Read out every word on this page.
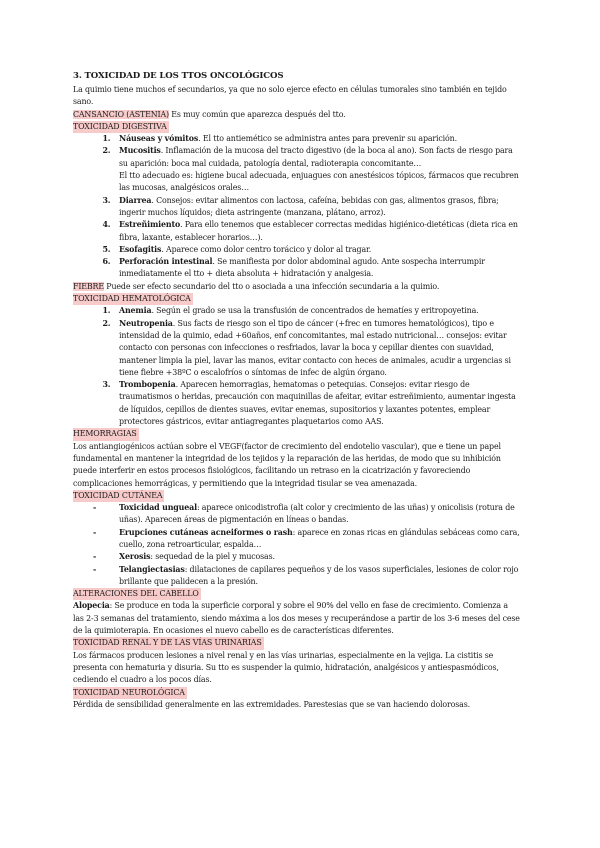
3. TOXICIDAD DE LOS TTOS ONCOLÓGICOS

La quimio tiene muchos ef secundarios, ya que no solo ejerce efecto en células tumorales sino también en tejido sano.

CANSANCIO (ASTENIA) Es muy común que aparezca después del tto.

TOXICIDAD DIGESTIVA

1. Náuseas y vómitos. El tto antiemético se administra antes para prevenir su aparición.
2. Mucositis. Inflamación de la mucosa del tracto digestivo (de la boca al ano). Son facts de riesgo para su aparición: boca mal cuidada, patología dental, radioterapia concomitante…
El tto adecuado es: higiene bucal adecuada, enjuagues con anestésicos tópicos, fármacos que recubren las mucosas, analgésicos orales…
3. Diarrea. Consejos: evitar alimentos con lactosa, cafeína, bebidas con gas, alimentos grasos, fibra; ingerir muchos líquidos; dieta astringente (manzana, plátano, arroz).
4. Estreñimiento. Para ello tenemos que establecer correctas medidas higiénico-dietéticas (dieta rica en fibra, laxante, establecer horarios…).
5. Esofagitis. Aparece como dolor centro torácico y dolor al tragar.
6. Perforación intestinal. Se manifiesta por dolor abdominal agudo. Ante sospecha interrumpir inmediatamente el tto + dieta absoluta + hidratación y analgesia.

FIEBRE Puede ser efecto secundario del tto o asociada a una infección secundaria a la quimio.

TOXICIDAD HEMATOLÓGICA

1. Anemia. Según el grado se usa la transfusión de concentrados de hematíes y eritropoyetina.
2. Neutropenia. Sus facts de riesgo son el tipo de cáncer (+frec en tumores hematológicos), tipo e intensidad de la quimio, edad +60años, enf concomitantes, mal estado nutricional… consejos: evitar contacto con personas con infecciones o resfriados, lavar la boca y cepillar dientes con suavidad, mantener limpia la piel, lavar las manos, evitar contacto con heces de animales, acudir a urgencias si tiene fiebre +38ºC o escalofríos o síntomas de infec de algún órgano.
3. Trombopenia. Aparecen hemorragias, hematomas o petequias. Consejos: evitar riesgo de traumatismos o heridas, precaución con maquinillas de afeitar, evitar estreñimiento, aumentar ingesta de líquidos, cepillos de dientes suaves, evitar enemas, supositorios y laxantes potentes, emplear protectores gástricos, evitar antiagregantes plaquetarios como AAS.

HEMORRAGIAS

Los antiangiogénicos actúan sobre el VEGF(factor de crecimiento del endotelio vascular), que e tiene un papel fundamental en mantener la integridad de los tejidos y la reparación de las heridas, de modo que su inhibición puede interferir en estos procesos fisiológicos, facilitando un retraso en la cicatrización y favoreciendo complicaciones hemorrágicas, y permitiendo que la integridad tisular se vea amenazada.

TOXICIDAD CUTÁNEA

- Toxicidad ungueal: aparece onicodistrofia (alt color y crecimiento de las uñas) y onicolisis (rotura de uñas). Aparecen áreas de pigmentación en líneas o bandas.
- Erupciones cutáneas acneiformes o rash: aparece en zonas ricas en glándulas sebáceas como cara, cuello, zona retroarticular, espalda…
- Xerosis: sequedad de la piel y mucosas.
- Telangiectasias: dilataciones de capilares pequeños y de los vasos superficiales, lesiones de color rojo brillante que palidecen a la presión.

ALTERACIONES DEL CABELLO

Alopecia: Se produce en toda la superficie corporal y sobre el 90% del vello en fase de crecimiento. Comienza a las 2-3 semanas del tratamiento, siendo máxima a los dos meses y recuperándose a partir de los 3-6 meses del cese de la quimioterapia. En ocasiones el nuevo cabello es de características diferentes.

TOXICIDAD RENAL Y DE LAS VÍAS URINARIAS

Los fármacos producen lesiones a nivel renal y en las vías urinarias, especialmente en la vejiga. La cistitis se presenta con hematuria y disuria. Su tto es suspender la quimio, hidratación, analgésicos y antiespasmódicos, cediendo el cuadro a los pocos días.

TOXICIDAD NEUROLÓGICA

Pérdida de sensibilidad generalmente en las extremidades. Parestesias que se van haciendo dolorosas.
